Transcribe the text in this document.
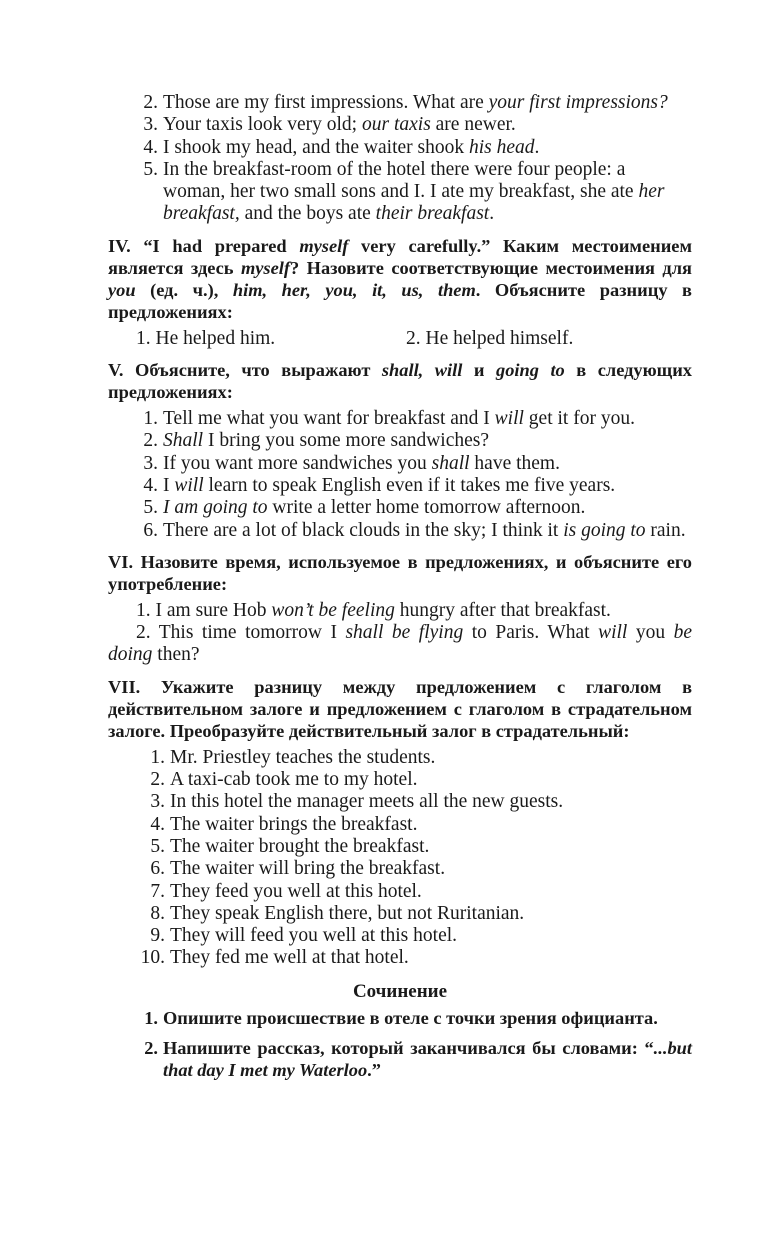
2. Those are my first impressions. What are your first impressions?
3. Your taxis look very old; our taxis are newer.
4. I shook my head, and the waiter shook his head.
5. In the breakfast-room of the hotel there were four people: a woman, her two small sons and I. I ate my breakfast, she ate her breakfast, and the boys ate their breakfast.
IV. “I had prepared myself very carefully.” Каким местоимением является здесь myself? Назовите соответствующие местоимения для you (ед. ч.), him, her, you, it, us, them. Объясните разницу в предложениях:
1. He helped him.	2. He helped himself.
V. Объясните, что выражают shall, will и going to в следующих предложениях:
1. Tell me what you want for breakfast and I will get it for you.
2. Shall I bring you some more sandwiches?
3. If you want more sandwiches you shall have them.
4. I will learn to speak English even if it takes me five years.
5. I am going to write a letter home tomorrow afternoon.
6. There are a lot of black clouds in the sky; I think it is going to rain.
VI. Назовите время, используемое в предложениях, и объясните его употребление:

1. I am sure Hob won’t be feeling hungry after that breakfast.

2. This time tomorrow I shall be flying to Paris. What will you be doing then?

VII. Укажите разницу между предложением с глаголом в действительном залоге и предложением с глаголом в страдательном залоге. Преобразуйте действительный залог в страдательный:
1. Mr. Priestley teaches the students.
2. A taxi-cab took me to my hotel.
3. In this hotel the manager meets all the new guests.
4. The waiter brings the breakfast.
5. The waiter brought the breakfast.
6. The waiter will bring the breakfast.
7. They feed you well at this hotel.
8. They speak English there, but not Ruritanian.
9. They will feed you well at this hotel.
10. They fed me well at that hotel.
Сочинение
1. Опишите происшествие в отеле с точки зрения официанта.
2. Напишите рассказ, который заканчивался бы словами: “...but that day I met my Waterloo.”
